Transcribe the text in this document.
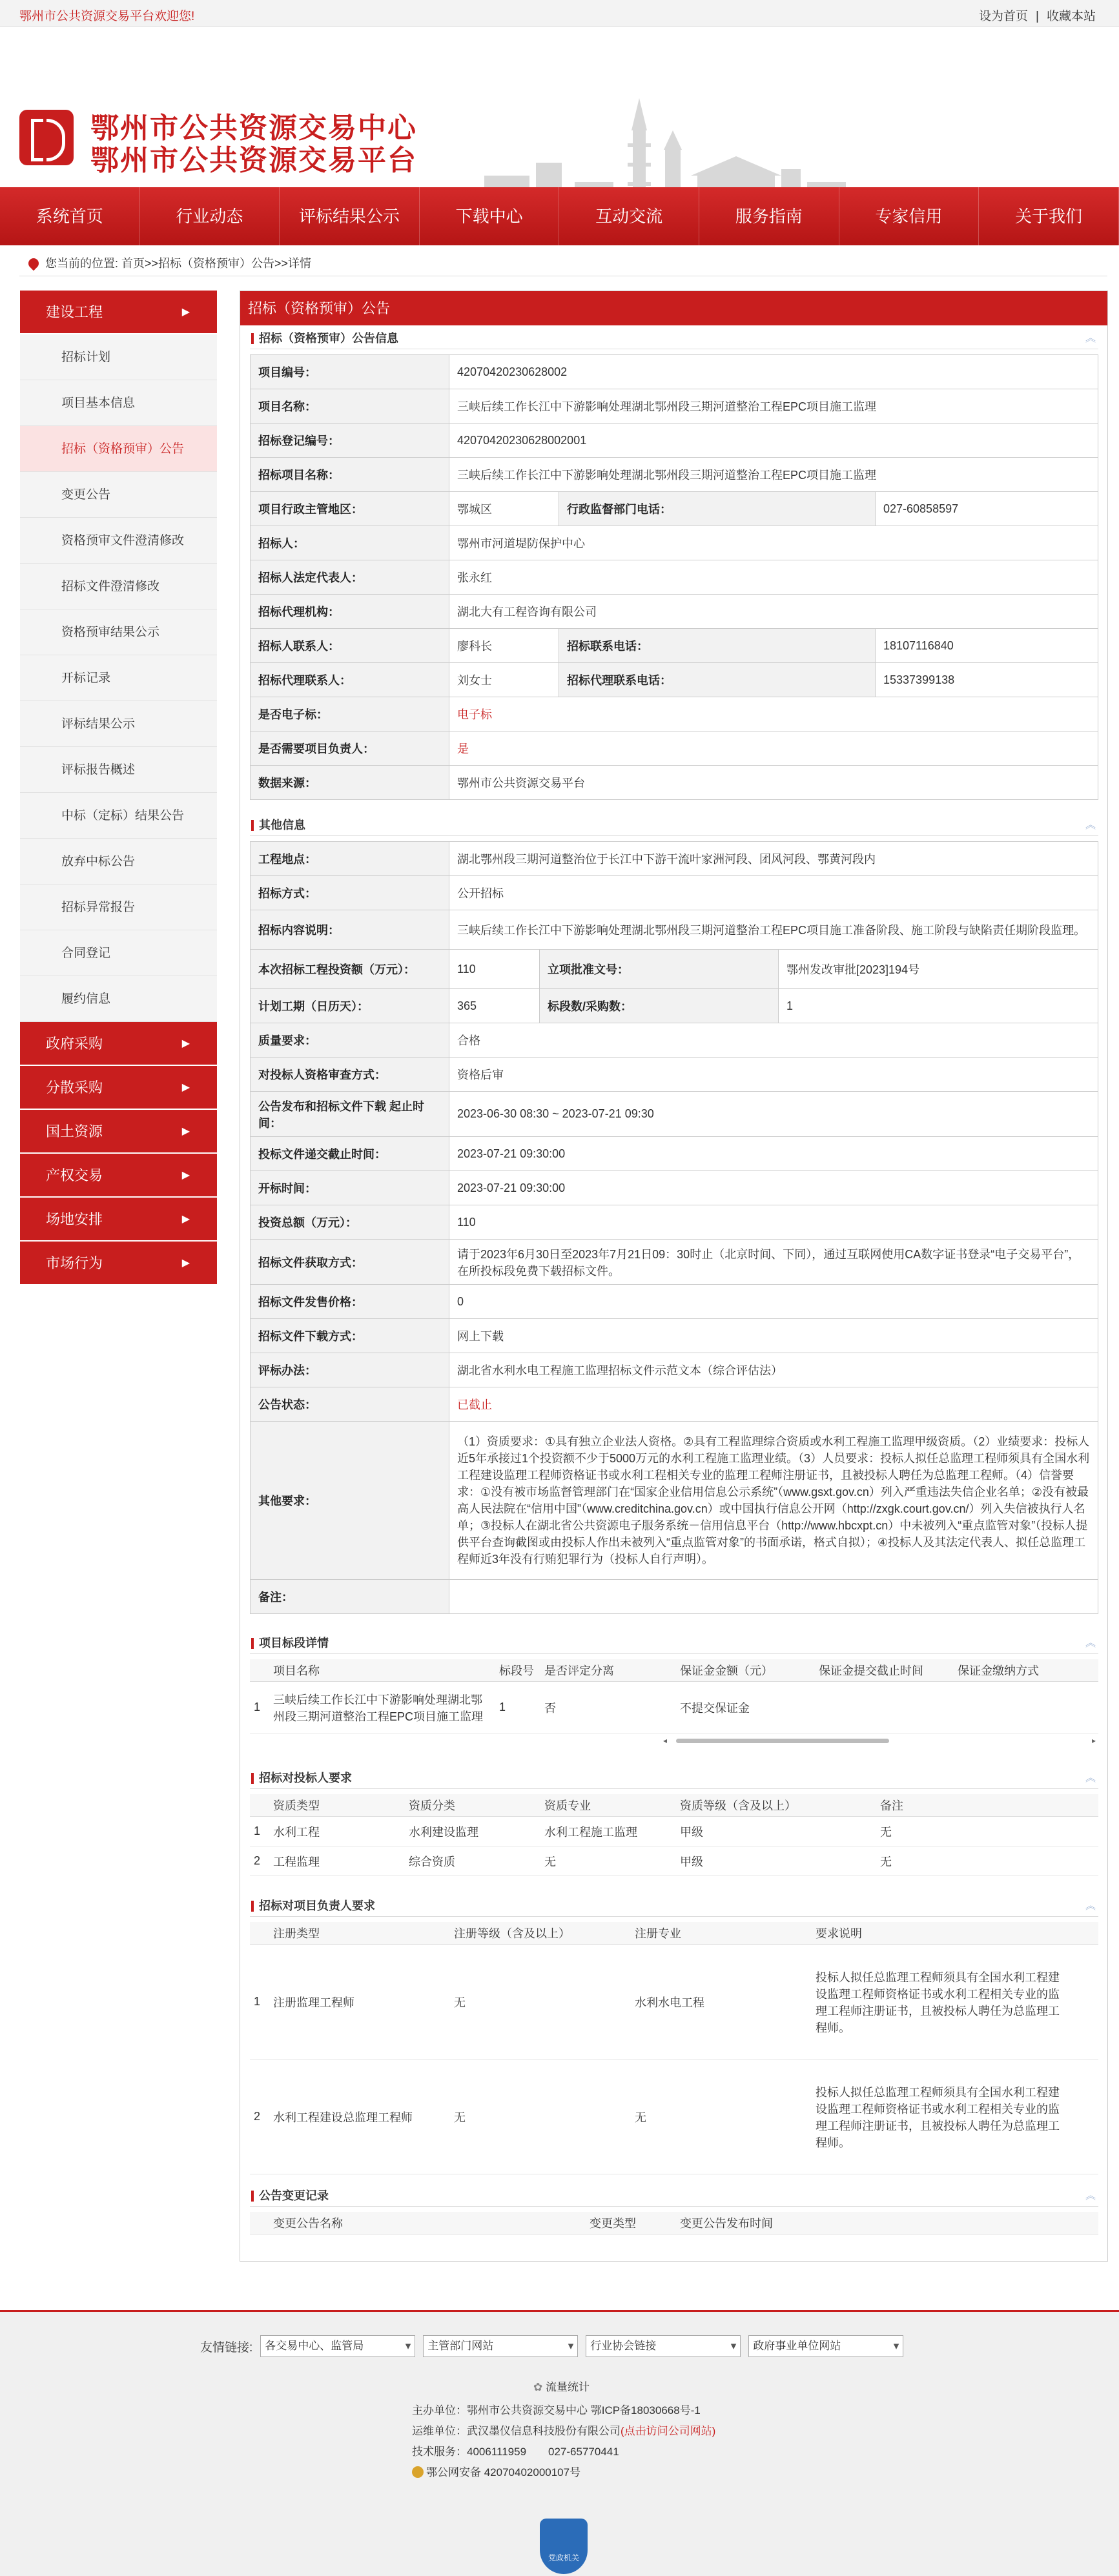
鄂州市公共资源交易平台欢迎您!	设为首页 | 收藏本站
鄂州市公共资源交易中心
鄂州市公共资源交易平台
系统首页	行业动态	评标结果公示	下载中心	互动交流	服务指南	专家信用	关于我们
您当前的位置: 首页>>招标（资格预审）公告>>详情
建设工程	▶
招标计划
项目基本信息
招标（资格预审）公告
变更公告
资格预审文件澄清修改
招标文件澄清修改
资格预审结果公示
开标记录
评标结果公示
评标报告概述
中标（定标）结果公告
放弃中标公告
招标异常报告
合同登记
履约信息
政府采购	▶
分散采购	▶
国土资源	▶
产权交易	▶
场地安排	▶
市场行为	▶
招标（资格预审）公告
招标（资格预审）公告信息	︽
项目编号：	42070420230628002		
项目名称：	三峡后续工作长江中下游影响处理湖北鄂州段三期河道整治工程EPC项目施工监理		
招标登记编号：	42070420230628002001		
招标项目名称：	三峡后续工作长江中下游影响处理湖北鄂州段三期河道整治工程EPC项目施工监理		
项目行政主管地区：	鄂城区	行政监督部门电话：	027-60858597
招标人：	鄂州市河道堤防保护中心		
招标人法定代表人：	张永红		
招标代理机构：	湖北大有工程咨询有限公司		
招标人联系人：	廖科长	招标联系电话：	18107116840
招标代理联系人：	刘女士	招标代理联系电话：	15337399138
是否电子标：	电子标		
是否需要项目负责人：	是		
数据来源：	鄂州市公共资源交易平台		
其他信息	︽
工程地点：	湖北鄂州段三期河道整治位于长江中下游干流叶家洲河段、团风河段、鄂黄河段内		
招标方式：	公开招标		
招标内容说明：	三峡后续工作长江中下游影响处理湖北鄂州段三期河道整治工程EPC项目施工准备阶段、施工阶段与缺陷责任期阶段监理。		
本次招标工程投资额（万元）：	110	立项批准文号：	鄂州发改审批[2023]194号
计划工期（日历天）：	365	标段数/采购数：	1
质量要求：	合格		
对投标人资格审查方式：	资格后审		
公告发布和招标文件下载 起止时间：	2023-06-30 08:30 ~ 2023-07-21 09:30		
投标文件递交截止时间：	2023-07-21 09:30:00		
开标时间：	2023-07-21 09:30:00		
投资总额（万元）：	110		
招标文件获取方式：	请于2023年6月30日至2023年7月21日09：30时止（北京时间、下同），通过互联网使用CA数字证书登录“电子交易平台”，在所投标段免费下载招标文件。		
招标文件发售价格：	0		
招标文件下载方式：	网上下载		
评标办法：	湖北省水利水电工程施工监理招标文件示范文本（综合评估法）		
公告状态：	已截止		
其他要求：	（1）资质要求：①具有独立企业法人资格。②具有工程监理综合资质或水利工程施工监理甲级资质。（2）业绩要求：投标人近5年承接过1个投资额不少于5000万元的水利工程施工监理业绩。（3）人员要求：投标人拟任总监理工程师须具有全国水利工程建设监理工程师资格证书或水利工程相关专业的监理工程师注册证书，且被投标人聘任为总监理工程师。（4）信誉要求：①没有被市场监督管理部门在“国家企业信用信息公示系统”（www.gsxt.gov.cn）列入严重违法失信企业名单；②没有被最高人民法院在“信用中国”（www.creditchina.gov.cn）或中国执行信息公开网（http://zxgk.court.gov.cn/）列入失信被执行人名单；③投标人在湖北省公共资源电子服务系统－信用信息平台（http://www.hbcxpt.cn）中未被列入“重点监管对象”（投标人提供平台查询截图或由投标人作出未被列入“重点监管对象”的书面承诺，格式自拟）；④投标人及其法定代表人、拟任总监理工程师近3年没有行贿犯罪行为（投标人自行声明）。		
备注：			
项目标段详情	︽
	项目名称	标段号	是否评定分离	保证金金额（元）	保证金提交截止时间	保证金缴纳方式
1	三峡后续工作长江中下游影响处理湖北鄂州段三期河道整治工程EPC项目施工监理	1	否	不提交保证金		
◂	▸
招标对投标人要求	︽
	资质类型	资质分类	资质专业	资质等级（含及以上）	备注
1	水利工程	水利建设监理	水利工程施工监理	甲级	无
2	工程监理	综合资质	无	甲级	无
招标对项目负责人要求	︽
	注册类型	注册等级（含及以上）	注册专业	要求说明
1	注册监理工程师	无	水利水电工程	投标人拟任总监理工程师须具有全国水利工程建设监理工程师资格证书或水利工程相关专业的监理工程师注册证书，且被投标人聘任为总监理工程师。
2	水利工程建设总监理工程师	无	无	投标人拟任总监理工程师须具有全国水利工程建设监理工程师资格证书或水利工程相关专业的监理工程师注册证书，且被投标人聘任为总监理工程师。
公告变更记录	︽
	变更公告名称	变更类型	变更公告发布时间
友情链接:	各交易中心、监管局 ▾	主管部门网站 ▾	行业协会链接 ▾	政府事业单位网站 ▾
✿ 流量统计
主办单位：鄂州市公共资源交易中心 鄂ICP备18030668号-1
运维单位：武汉墨仪信息科技股份有限公司(点击访问公司网站)
技术服务：4006111959　　027-65770441
鄂公网安备 42070402000107号
党政机关
